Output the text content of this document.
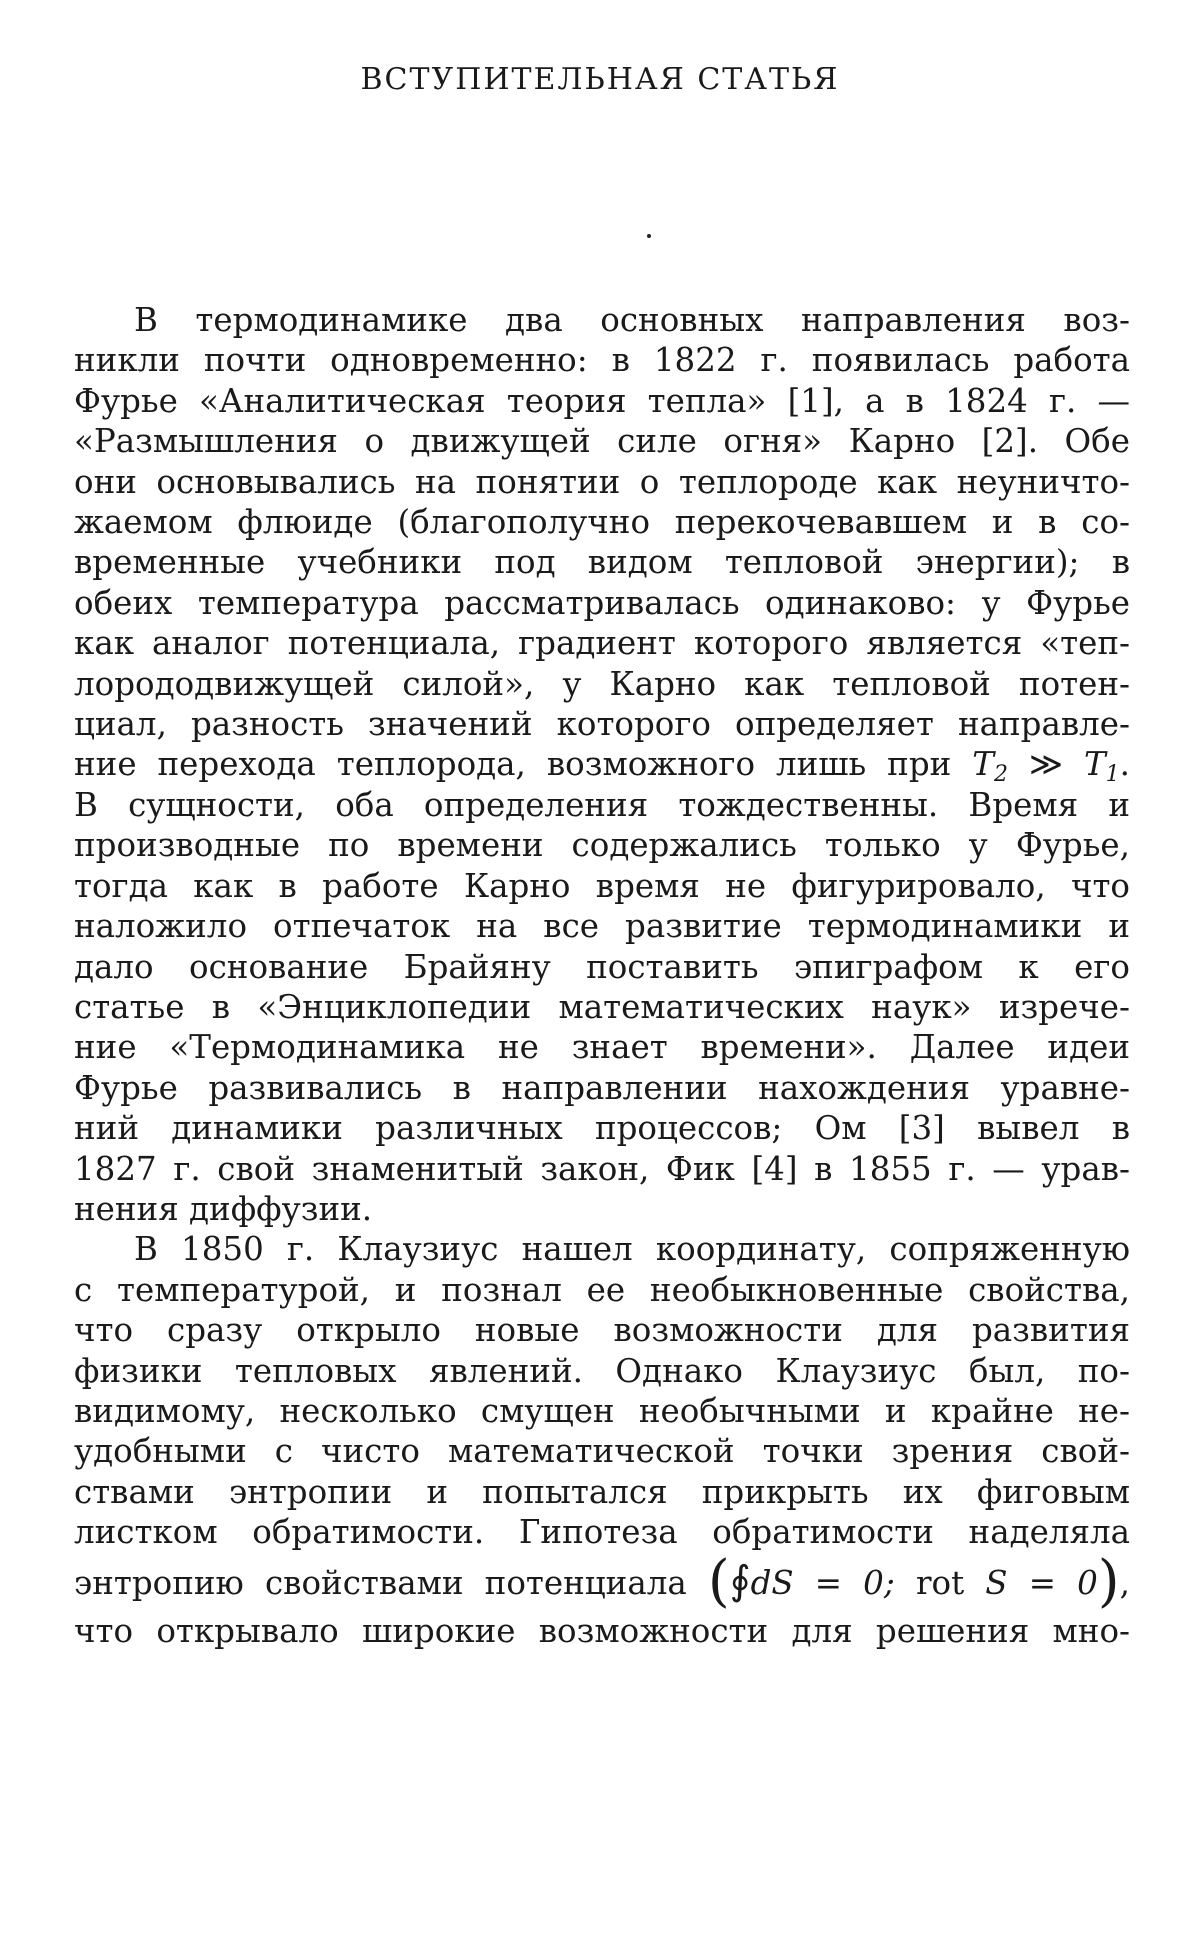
ВСТУПИТЕЛЬНАЯ СТАТЬЯ
В термодинамике два основных направления воз-
никли почти одновременно: в 1822 г. появилась работа
Фурье «Аналитическая теория тепла» [1], а в 1824 г. —
«Размышления о движущей силе огня» Карно [2]. Обе
они основывались на понятии о теплороде как неуничто-
жаемом флюиде (благополучно перекочевавшем и в со-
временные учебники под видом тепловой энергии); в
обеих температура рассматривалась одинаково: у Фурье
как аналог потенциала, градиент которого является «теп-
лорододвижущей силой», у Карно как тепловой потен-
циал, разность значений которого определяет направле-
ние перехода теплорода, возможного лишь при $T_2$ ≫ $T_1$.
В сущности, оба определения тождественны. Время и
производные по времени содержались только у Фурье,
тогда как в работе Карно время не фигурировало, что
наложило отпечаток на все развитие термодинамики и
дало основание Брайяну поставить эпиграфом к его
статье в «Энциклопедии математических наук» изрече-
ние «Термодинамика не знает времени». Далее идеи
Фурье развивались в направлении нахождения уравне-
ний динамики различных процессов; Ом [3] вывел в
1827 г. свой знаменитый закон, Фик [4] в 1855 г. — урав-
нения диффузии.
В 1850 г. Клаузиус нашел координату, сопряженную
с температурой, и познал ее необыкновенные свойства,
что сразу открыло новые возможности для развития
физики тепловых явлений. Однако Клаузиус был, по-
видимому, несколько смущен необычными и крайне не-
удобными с чисто математической точки зрения свой-
ствами энтропии и попытался прикрыть их фиговым
листком обратимости. Гипотеза обратимости наделяла
энтропию свойствами потенциала (∮dS = 0; rot S = 0),
что открывало широкие возможности для решения мно-
